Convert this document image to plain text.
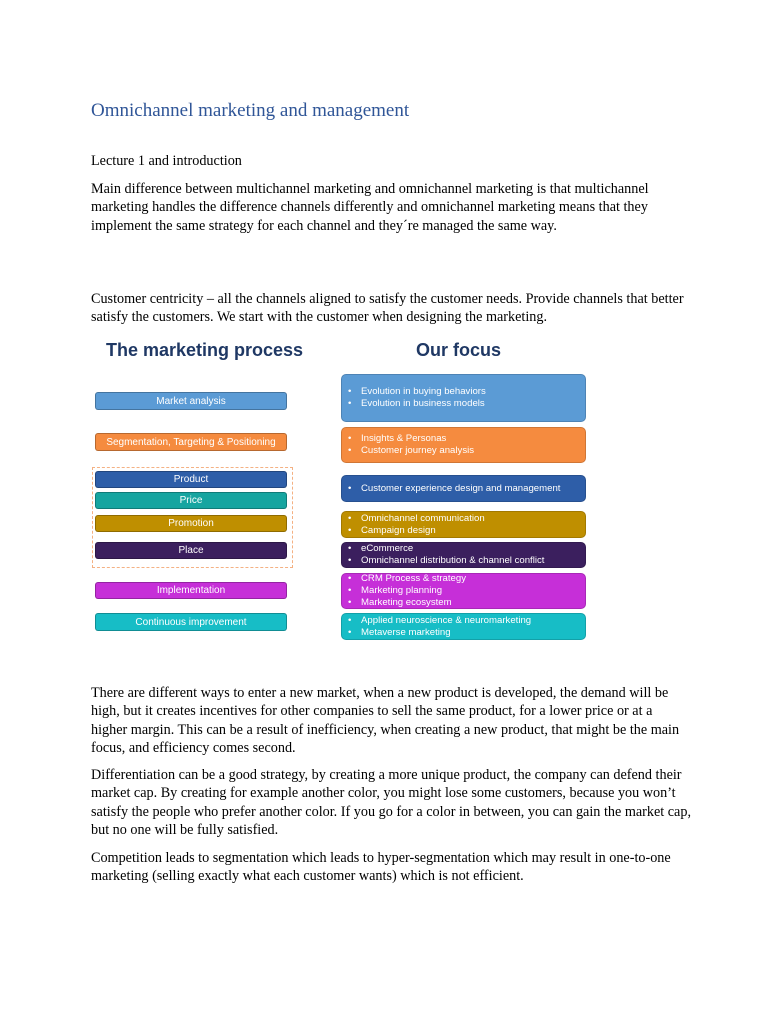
Omnichannel marketing and management

Lecture 1 and introduction

Main difference between multichannel marketing and omnichannel marketing is that multichannel marketing handles the difference channels differently and omnichannel marketing means that they implement the same strategy for each channel and they´re managed the same way.

Customer centricity – all the channels aligned to satisfy the customer needs. Provide channels that better satisfy the customers. We start with the customer when designing the marketing.

The marketing process	Our focus
Market analysis
Segmentation, Targeting & Positioning
Product
Price
Promotion
Place
Implementation
Continuous improvement
• Evolution in buying behaviors
• Evolution in business models
• Insights & Personas
• Customer journey analysis
• Customer experience design and management
• Omnichannel communication
• Campaign design
• eCommerce
• Omnichannel distribution & channel conflict
• CRM Process & strategy
• Marketing planning
• Marketing ecosystem
• Applied neuroscience & neuromarketing
• Metaverse marketing

There are different ways to enter a new market, when a new product is developed, the demand will be high, but it creates incentives for other companies to sell the same product, for a lower price or at a higher margin. This can be a result of inefficiency, when creating a new product, that might be the main focus, and efficiency comes second.

Differentiation can be a good strategy, by creating a more unique product, the company can defend their market cap. By creating for example another color, you might lose some customers, because you won’t satisfy the people who prefer another color. If you go for a color in between, you can gain the market cap, but no one will be fully satisfied.

Competition leads to segmentation which leads to hyper-segmentation which may result in one-to-one marketing (selling exactly what each customer wants) which is not efficient.
